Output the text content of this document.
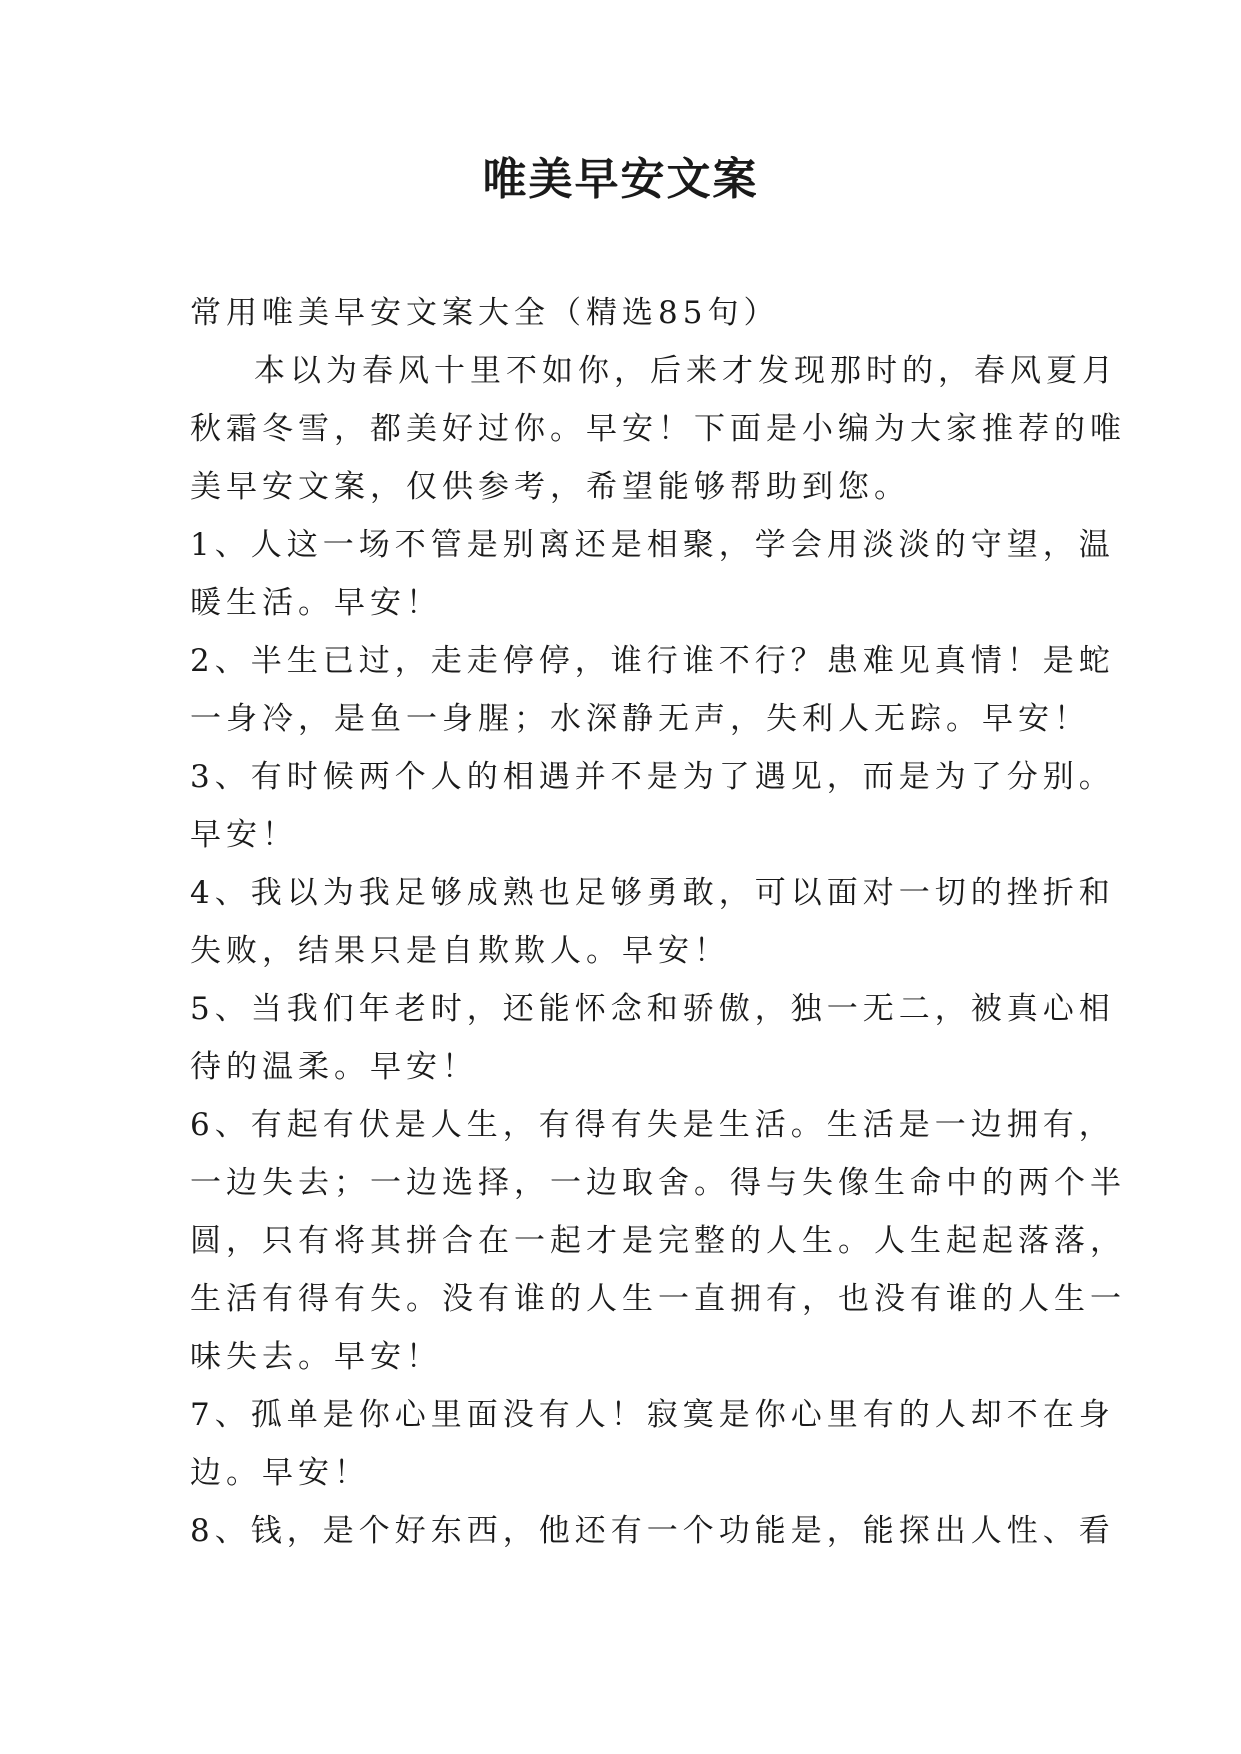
唯美早安文案
常用唯美早安文案大全（精选85句）
本以为春风十里不如你，后来才发现那时的，春风夏月
秋霜冬雪，都美好过你。早安！下面是小编为大家推荐的唯
美早安文案，仅供参考，希望能够帮助到您。
1、人这一场不管是别离还是相聚，学会用淡淡的守望，温
暖生活。早安！
2、半生已过，走走停停，谁行谁不行？患难见真情！是蛇
一身冷，是鱼一身腥；水深静无声，失利人无踪。早安！
3、有时候两个人的相遇并不是为了遇见，而是为了分别。
早安！
4、我以为我足够成熟也足够勇敢，可以面对一切的挫折和
失败，结果只是自欺欺人。早安！
5、当我们年老时，还能怀念和骄傲，独一无二，被真心相
待的温柔。早安！
6、有起有伏是人生，有得有失是生活。生活是一边拥有，
一边失去；一边选择，一边取舍。得与失像生命中的两个半
圆，只有将其拼合在一起才是完整的人生。人生起起落落，
生活有得有失。没有谁的人生一直拥有，也没有谁的人生一
味失去。早安！
7、孤单是你心里面没有人！寂寞是你心里有的人却不在身
边。早安！
8、钱，是个好东西，他还有一个功能是，能探出人性、看
